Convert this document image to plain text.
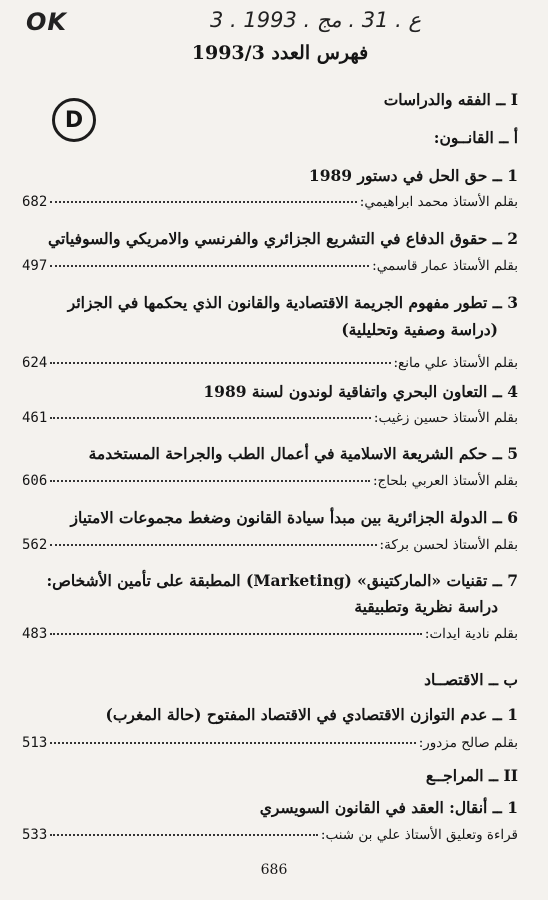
OK	3 . ع . 31 . مج . 1993
فهرس العدد 1993/3
D
I ــ الفقه والدراسات
أ ــ القانــون:
1 ــ حق الحل في دستور 1989
بقلم الأستاذ محمد ابراهيمي:
682
2 ــ حقوق الدفاع في التشريع الجزائري والفرنسي والامريكي والسوفياتي
بقلم الأستاذ عمار قاسمي:
497
3 ــ تطور مفهوم الجريمة الاقتصادية والقانون الذي يحكمها في الجزائر
(دراسة وصفية وتحليلية)
بقلم الأستاذ علي مانع:
624
4 ــ التعاون البحري واتفاقية لوندون لسنة 1989
بقلم الأستاذ حسين زغيب:
461
5 ــ حكم الشريعة الاسلامية في أعمال الطب والجراحة المستخدمة
بقلم الأستاذ العربي بلحاج:
606
6 ــ الدولة الجزائرية بين مبدأ سيادة القانون وضغط مجموعات الامتياز
بقلم الأستاذ لحسن بركة:
562
7 ــ تقنيات «الماركتينق» (Marketing) المطبقة على تأمين الأشخاص:
دراسة نظرية وتطبيقية
بقلم نادية ايدات:
483
ب ــ الاقتصــاد
1 ــ عدم التوازن الاقتصادي في الاقتصاد المفتوح (حالة المغرب)
بقلم صالح مزدور:
513
II ــ المراجــع
1 ــ أنقال: العقد في القانون السويسري
قراءة وتعليق الأستاذ علي بن شنب:
533
686
